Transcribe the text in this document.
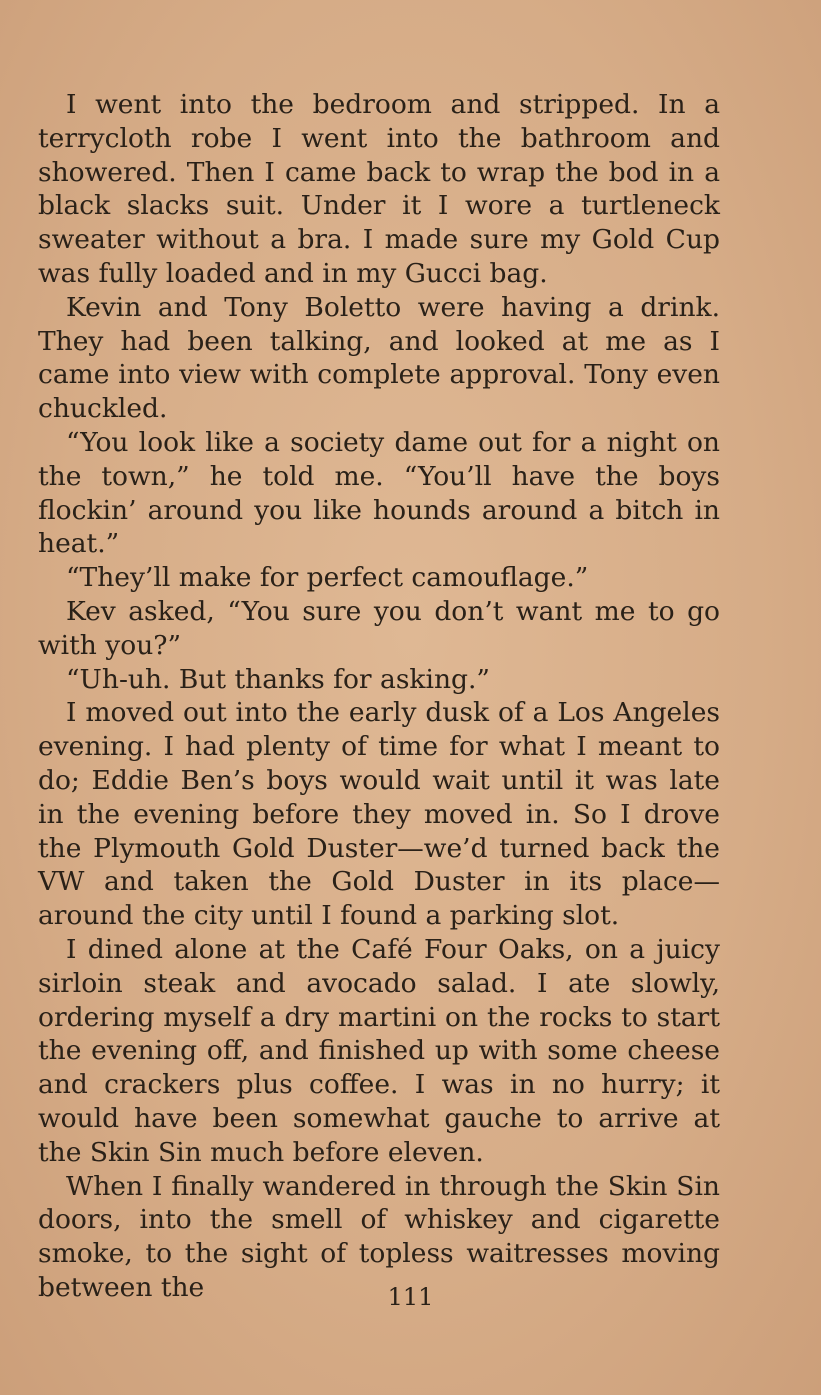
I went into the bedroom and stripped. In a terrycloth robe I went into the bathroom and showered. Then I came back to wrap the bod in a black slacks suit. Under it I wore a turtleneck sweater without a bra. I made sure my Gold Cup was fully loaded and in my Gucci bag.

Kevin and Tony Boletto were having a drink. They had been talking, and looked at me as I came into view with complete approval. Tony even chuckled.

“You look like a society dame out for a night on the town,” he told me. “You’ll have the boys flockin’ around you like hounds around a bitch in heat.”

“They’ll make for perfect camouflage.”

Kev asked, “You sure you don’t want me to go with you?”

“Uh-uh. But thanks for asking.”

I moved out into the early dusk of a Los Angeles evening. I had plenty of time for what I meant to do; Eddie Ben’s boys would wait until it was late in the evening before they moved in. So I drove the Plymouth Gold Duster—we’d turned back the VW and taken the Gold Duster in its place—around the city until I found a parking slot.

I dined alone at the Café Four Oaks, on a juicy sirloin steak and avocado salad. I ate slowly, ordering myself a dry martini on the rocks to start the evening off, and finished up with some cheese and crackers plus coffee. I was in no hurry; it would have been somewhat gauche to arrive at the Skin Sin much before eleven.

When I finally wandered in through the Skin Sin doors, into the smell of whiskey and cigarette smoke, to the sight of topless waitresses moving between the	111
